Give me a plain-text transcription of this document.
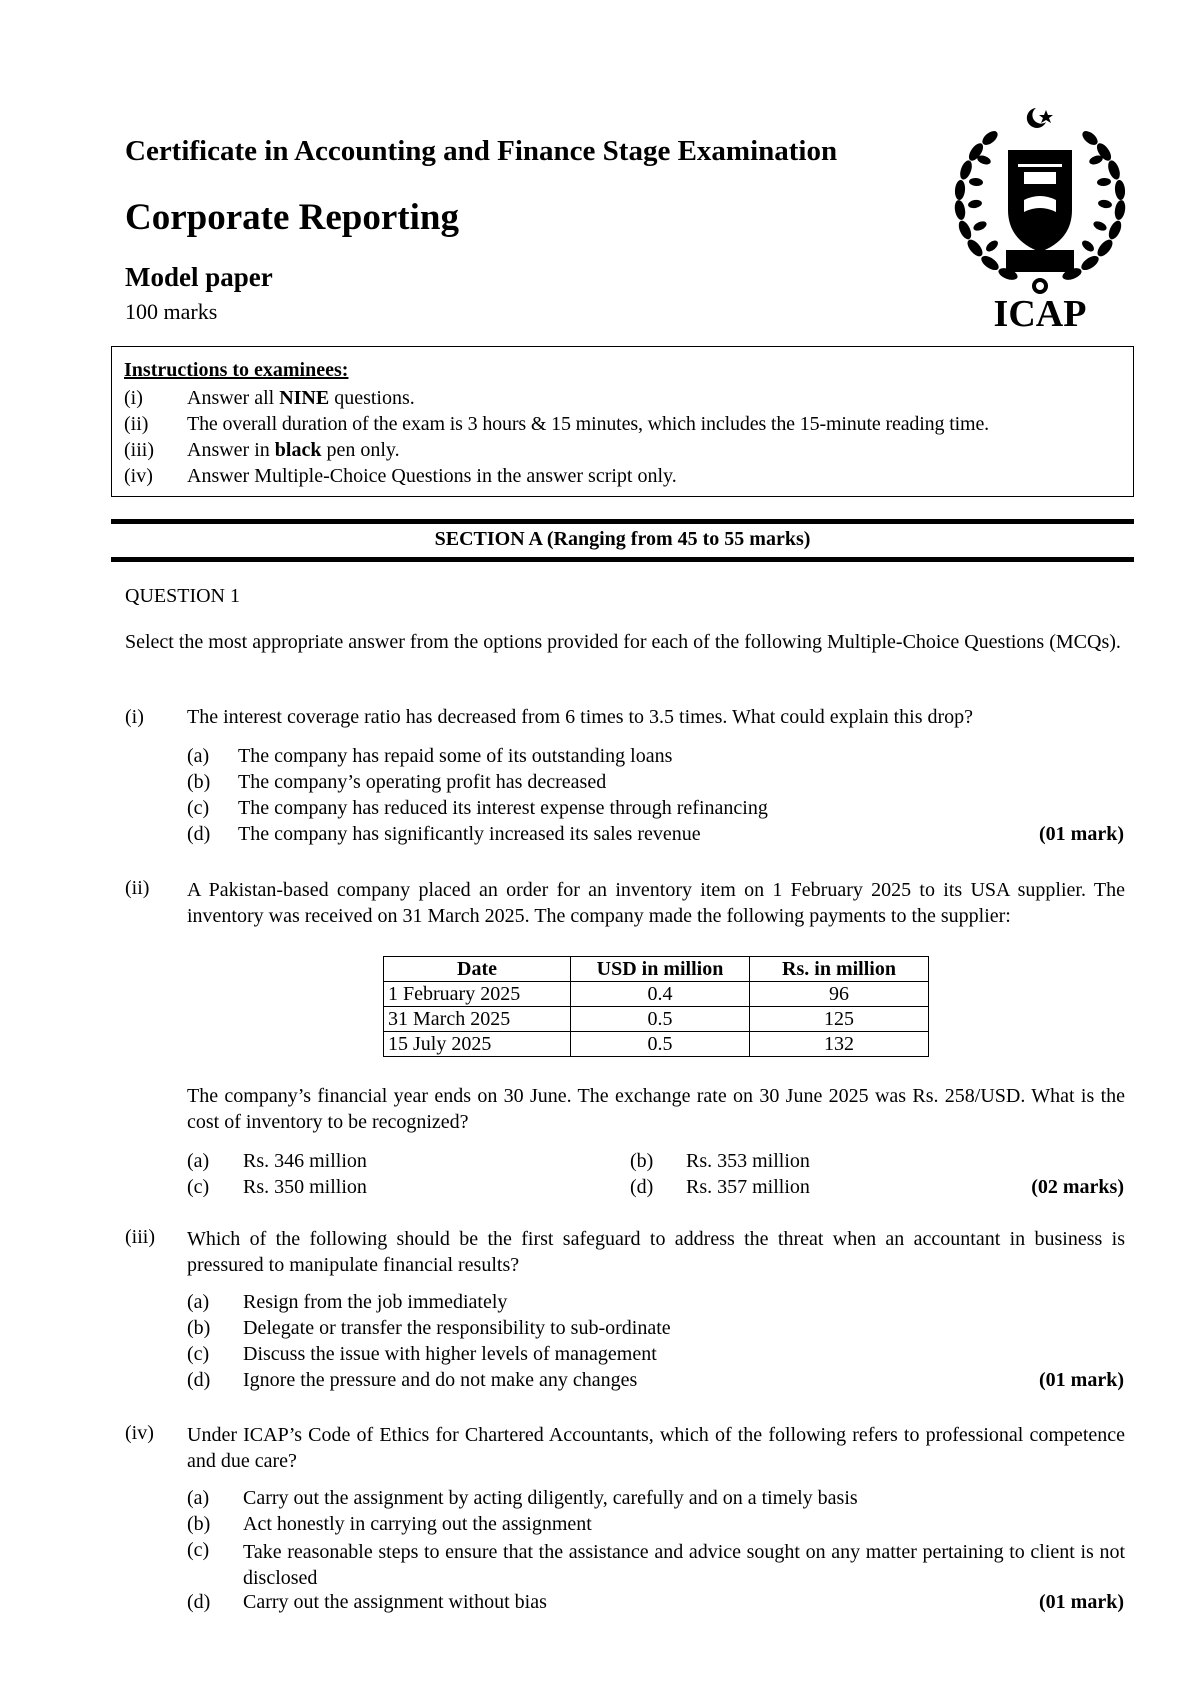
Certificate in Accounting and Finance Stage Examination
Corporate Reporting
Model paper
100 marks	ICAP
Instructions to examinees:
(i) Answer all NINE questions.
(ii) The overall duration of the exam is 3 hours & 15 minutes, which includes the 15-minute reading time.
(iii) Answer in black pen only.
(iv) Answer Multiple-Choice Questions in the answer script only.
SECTION A (Ranging from 45 to 55 marks)
QUESTION 1
Select the most appropriate answer from the options provided for each of the following Multiple-Choice Questions (MCQs).
(i) The interest coverage ratio has decreased from 6 times to 3.5 times. What could explain this drop?
(a) The company has repaid some of its outstanding loans
(b) The company’s operating profit has decreased
(c) The company has reduced its interest expense through refinancing
(d) The company has significantly increased its sales revenue	(01 mark)
(ii) A Pakistan-based company placed an order for an inventory item on 1 February 2025 to its USA supplier. The inventory was received on 31 March 2025. The company made the following payments to the supplier:
Date	USD in million	Rs. in million
1 February 2025	0.4	96
31 March 2025	0.5	125
15 July 2025	0.5	132
The company’s financial year ends on 30 June. The exchange rate on 30 June 2025 was Rs. 258/USD. What is the cost of inventory to be recognized?
(a) Rs. 346 million	(b) Rs. 353 million
(c) Rs. 350 million	(d) Rs. 357 million	(02 marks)
(iii) Which of the following should be the first safeguard to address the threat when an accountant in business is pressured to manipulate financial results?
(a) Resign from the job immediately
(b) Delegate or transfer the responsibility to sub-ordinate
(c) Discuss the issue with higher levels of management
(d) Ignore the pressure and do not make any changes	(01 mark)
(iv) Under ICAP’s Code of Ethics for Chartered Accountants, which of the following refers to professional competence and due care?
(a) Carry out the assignment by acting diligently, carefully and on a timely basis
(b) Act honestly in carrying out the assignment
(c) Take reasonable steps to ensure that the assistance and advice sought on any matter pertaining to client is not disclosed
(d) Carry out the assignment without bias	(01 mark)
